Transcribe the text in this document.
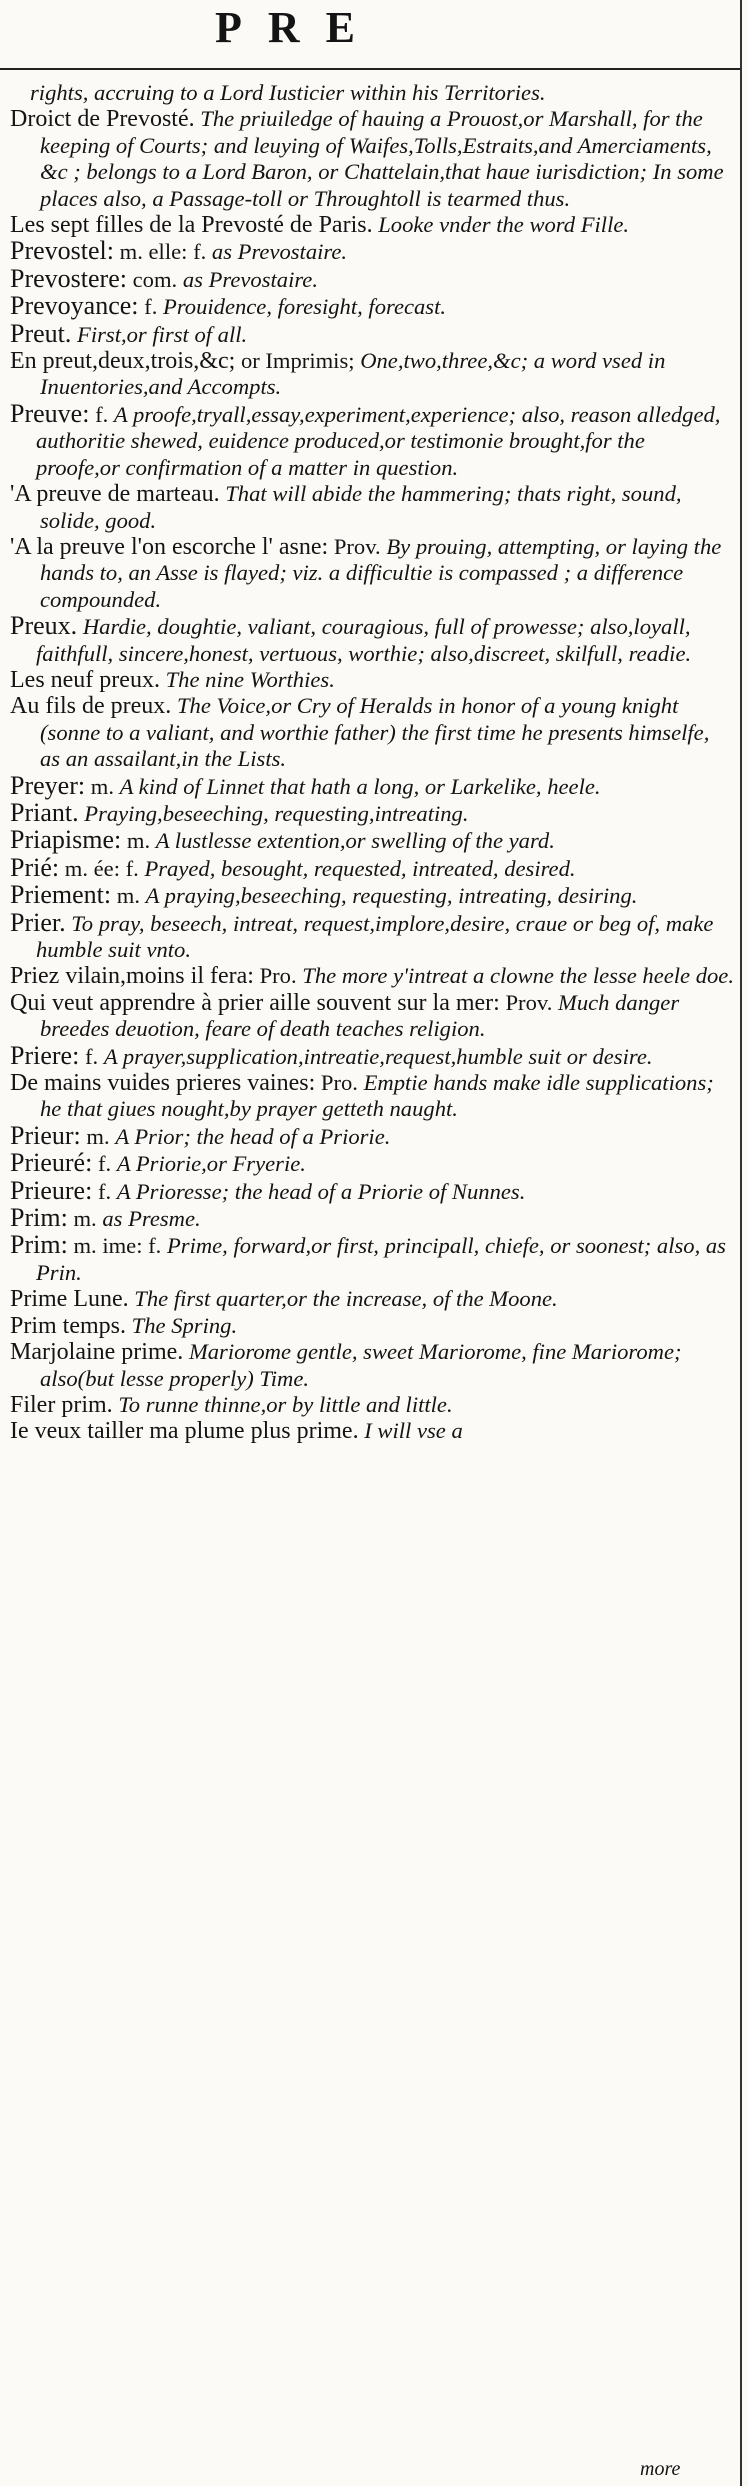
PRE

rights, accruing to a Lord Iusticier within his Territories.

Droict de Prevosté. The priuiledge of hauing a Prouost,or Marshall, for the keeping of Courts; and leuying of Waifes,Tolls,Estraits,and Amerciaments, &c ; belongs to a Lord Baron, or Chattelain,that haue iurisdiction; In some places also, a Passage-toll or Throughtoll is tearmed thus.

Les sept filles de la Prevosté de Paris. Looke vnder the word Fille.

Prevostel: m. elle: f. as Prevostaire.

Prevostere: com. as Prevostaire.

Prevoyance: f. Prouidence, foresight, forecast.

Preut. First,or first of all.

En preut,deux,trois,&c; or Imprimis; One,two,three,&c; a word vsed in Inuentories,and Accompts.

Preuve: f. A proofe,tryall,essay,experiment,experience; also, reason alledged, authoritie shewed, euidence produced,or testimonie brought,for the proofe,or confirmation of a matter in question.

'A preuve de marteau. That will abide the hammering; thats right, sound, solide, good.

'A la preuve l'on escorche l' asne: Prov. By prouing, attempting, or laying the hands to, an Asse is flayed; viz. a difficultie is compassed ; a difference compounded.

Preux. Hardie, doughtie, valiant, couragious, full of prowesse; also,loyall, faithfull, sincere,honest, vertuous, worthie; also,discreet, skilfull, readie.

Les neuf preux. The nine Worthies.

Au fils de preux. The Voice,or Cry of Heralds in honor of a young knight (sonne to a valiant, and worthie father) the first time he presents himselfe, as an assailant,in the Lists.

Preyer: m. A kind of Linnet that hath a long, or Larkelike, heele.

Priant. Praying,beseeching, requesting,intreating.

Priapisme: m. A lustlesse extention,or swelling of the yard.

Prié: m. ée: f. Prayed, besought, requested, intreated, desired.

Priement: m. A praying,beseeching, requesting, intreating, desiring.

Prier. To pray, beseech, intreat, request,implore,desire, craue or beg of, make humble suit vnto.

Priez vilain,moins il fera: Pro. The more y'intreat a clowne the lesse heele doe.

Qui veut apprendre à prier aille souvent sur la mer: Prov. Much danger breedes deuotion, feare of death teaches religion.

Priere: f. A prayer,supplication,intreatie,request,humble suit or desire.

De mains vuides prieres vaines: Pro. Emptie hands make idle supplications; he that giues nought,by prayer getteth naught.

Prieur: m. A Prior; the head of a Priorie.

Prieuré: f. A Priorie,or Fryerie.

Prieure: f. A Prioresse; the head of a Priorie of Nunnes.

Prim: m. as Presme.

Prim: m. ime: f. Prime, forward,or first, principall, chiefe, or soonest; also, as Prin.

Prime Lune. The first quarter,or the increase, of the Moone.

Prim temps. The Spring.

Marjolaine prime. Mariorome gentle, sweet Mariorome, fine Mariorome; also(but lesse properly) Time.

Filer prim. To runne thinne,or by little and little.

Ie veux tailler ma plume plus prime. I will vse a

more
